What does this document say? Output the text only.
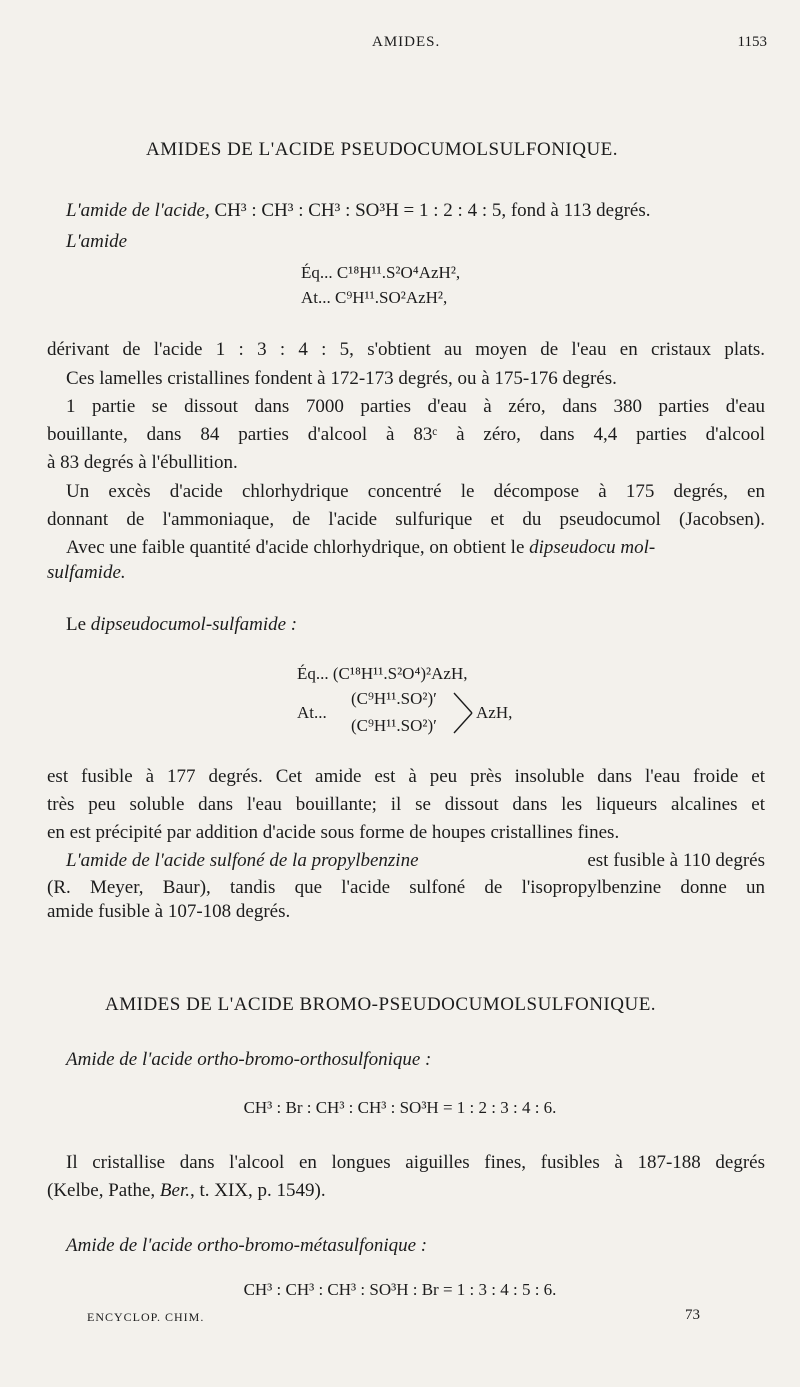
AMIDES.	1153
AMIDES DE L'ACIDE PSEUDOCUMOLSULFONIQUE.
L'amide de l'acide, CH³ : CH³ : CH³ : SO³H = 1 : 2 : 4 : 5, fond à 113 degrés.
L'amide
Éq... C¹⁸H¹¹.S²O⁴AzH²,
At... C⁹H¹¹.SO²AzH²,
dérivant de l'acide 1 : 3 : 4 : 5, s'obtient au moyen de l'eau en cristaux plats.
Ces lamelles cristallines fondent à 172-173 degrés, ou à 175-176 degrés.
1 partie se dissout dans 7000 parties d'eau à zéro, dans 380 parties d'eau
bouillante, dans 84 parties d'alcool à 83ᶜ à zéro, dans 4,4 parties d'alcool
à 83 degrés à l'ébullition.
Un excès d'acide chlorhydrique concentré le décompose à 175 degrés, en
donnant de l'ammoniaque, de l'acide sulfurique et du pseudocumol (Jacobsen).
Avec une faible quantité d'acide chlorhydrique, on obtient le dipseudocu mol-
sulfamide.
Le dipseudocumol-sulfamide :
Éq... (C¹⁸H¹¹.S²O⁴)²AzH,
At...
(C⁹H¹¹.SO²)′
(C⁹H¹¹.SO²)′
AzH,
est fusible à 177 degrés. Cet amide est à peu près insoluble dans l'eau froide et
très peu soluble dans l'eau bouillante; il se dissout dans les liqueurs alcalines et
en est précipité par addition d'acide sous forme de houpes cristallines fines.
L'amide de l'acide sulfoné de la propylbenzine	est fusible à 110 degrés
(R. Meyer, Baur), tandis que l'acide sulfoné de l'isopropylbenzine donne un
amide fusible à 107-108 degrés.
AMIDES DE L'ACIDE BROMO-PSEUDOCUMOLSULFONIQUE.
Amide de l'acide ortho-bromo-orthosulfonique :
CH³ : Br : CH³ : CH³ : SO³H = 1 : 2 : 3 : 4 : 6.
Il cristallise dans l'alcool en longues aiguilles fines, fusibles à 187-188 degrés
(Kelbe, Pathe, Ber., t. XIX, p. 1549).
Amide de l'acide ortho-bromo-métasulfonique :
CH³ : CH³ : CH³ : SO³H : Br = 1 : 3 : 4 : 5 : 6.
ENCYCLOP. CHIM.	73
